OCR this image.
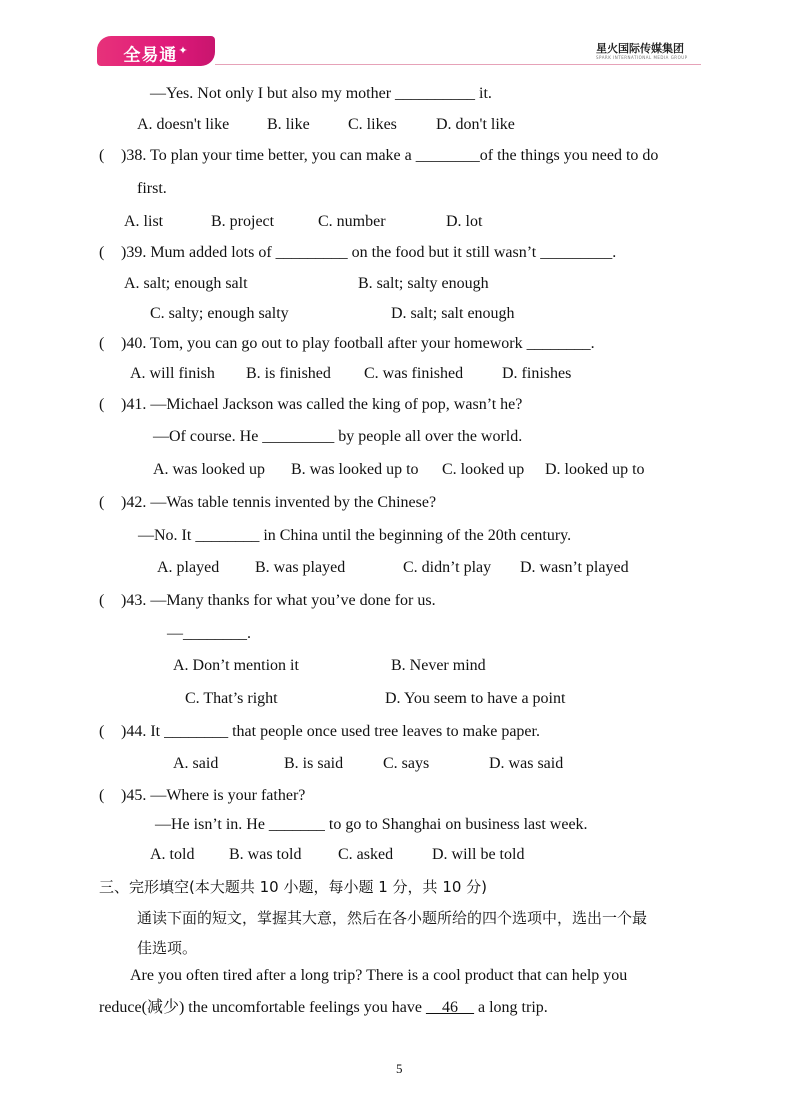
全易通✦	星火国际传媒集团
SPARK INTERNATIONAL MEDIA GROUP
—Yes. Not only I but also my mother __________ it.
A. doesn't like B. like C. likes D. don't like
( )38. To plan your time better, you can make a ________of the things you need to do
first.
A. list	B. project	C. number	D. lot
( )39. Mum added lots of _________ on the food but it still wasn’t _________.
A. salt; enough salt	B. salt; salty enough
C. salty; enough salty	D. salt; salt enough
( )40. Tom, you can go out to play football after your homework ________.
A. will finish B. is finished C. was finished D. finishes
( )41. —Michael Jackson was called the king of pop, wasn’t he?
—Of course. He _________ by people all over the world.
A. was looked up B. was looked up to C. looked up D. looked up to
( )42. —Was table tennis invented by the Chinese?
—No. It ________ in China until the beginning of the 20th century.
A. played B. was played	C. didn’t play D. wasn’t played
( )43. —Many thanks for what you’ve done for us.
—________.
A. Don’t mention it	B. Never mind
C. That’s right	D. You seem to have a point
( )44. It ________ that people once used tree leaves to make paper.
A. said	B. is said C. says	D. was said
( )45. —Where is your father?
—He isn’t in. He _______ to go to Shanghai on business last week.
A. told B. was told C. asked D. will be told
三、完形填空(本大题共 10 小题，每小题 1 分，共 10 分)
通读下面的短文，掌握其大意，然后在各小题所给的四个选项中，选出一个最
佳选项。
Are you often tired after a long trip? There is a cool product that can help you
reduce(减少) the uncomfortable feelings you have __46__ a long trip.
5
